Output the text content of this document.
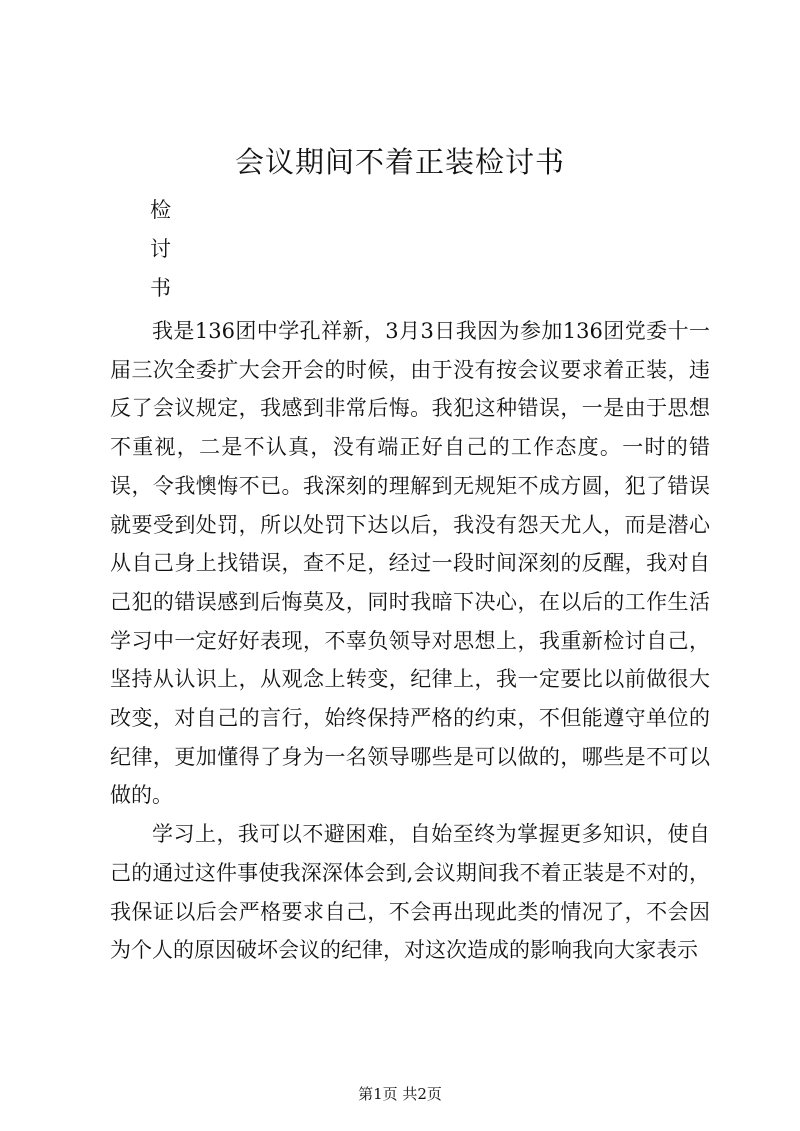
会议期间不着正装检讨书
检
讨
书

我是136团中学孔祥新，3月3日我因为参加136团党委十一届三次全委扩大会开会的时候，由于没有按会议要求着正装，违反了会议规定，我感到非常后悔。我犯这种错误，一是由于思想不重视，二是不认真，没有端正好自己的工作态度。一时的错误，令我懊悔不已。我深刻的理解到无规矩不成方圆，犯了错误就要受到处罚，所以处罚下达以后，我没有怨天尤人，而是潜心从自己身上找错误，查不足，经过一段时间深刻的反醒，我对自己犯的错误感到后悔莫及，同时我暗下决心，在以后的工作生活学习中一定好好表现，不辜负领导对思想上，我重新检讨自己，坚持从认识上，从观念上转变，纪律上，我一定要比以前做很大改变，对自己的言行，始终保持严格的约束，不但能遵守单位的纪律，更加懂得了身为一名领导哪些是可以做的，哪些是不可以做的。

学习上，我可以不避困难，自始至终为掌握更多知识，使自己的通过这件事使我深深体会到,会议期间我不着正装是不对的，我保证以后会严格要求自己，不会再出现此类的情况了，不会因为个人的原因破坏会议的纪律，对这次造成的影响我向大家表示

第1页 共2页
